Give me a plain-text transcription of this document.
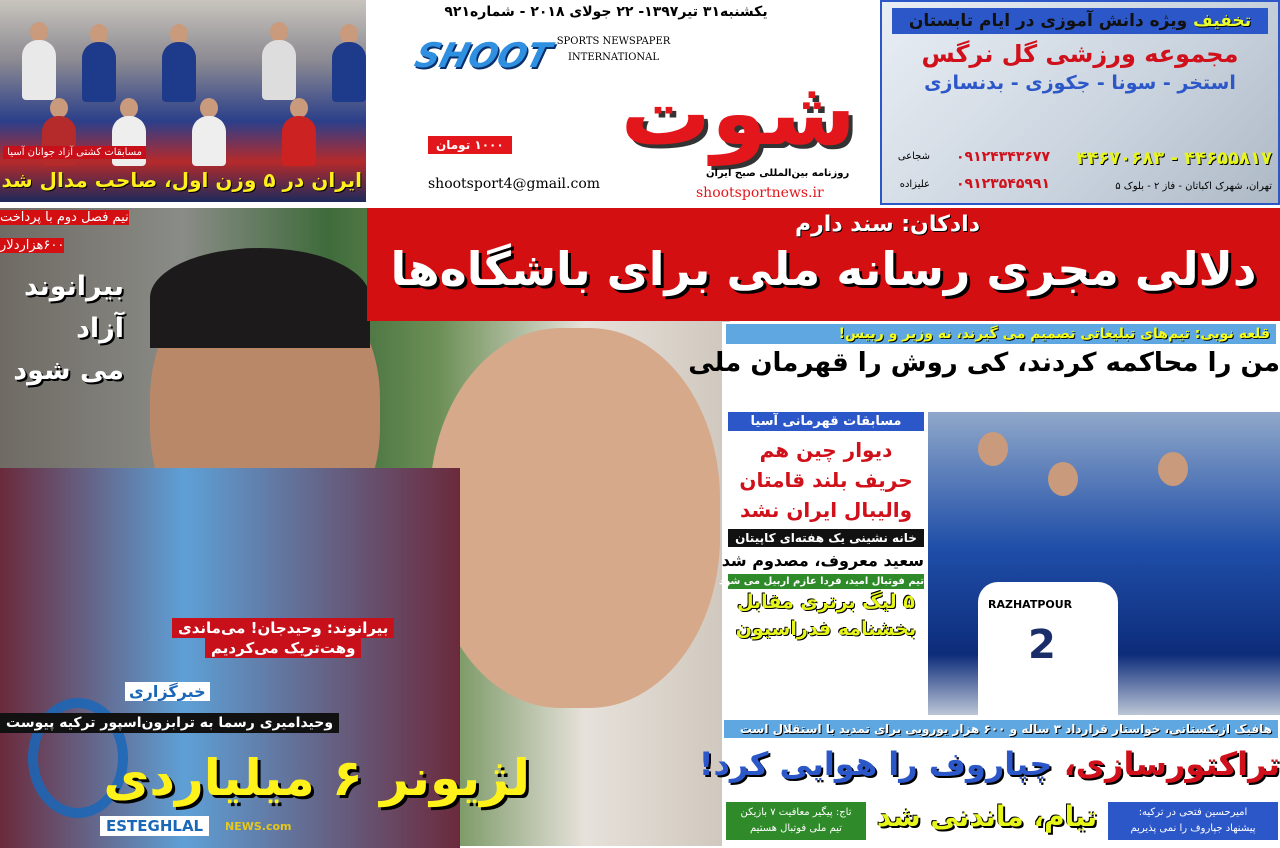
مسابقات کشتی آزاد جوانان آسیا
ایران در ۵ وزن اول، صاحب مدال شد
یکشنبه۳۱ تیر۱۳۹۷- ۲۲ جولای ۲۰۱۸ - شماره۹۲۱
SHOOT SPORTS NEWSPAPER
INTERNATIONAL
شوت
۱۰۰۰ تومان
روزنامه بین‌المللی صبح ایران
shootsport4@gmail.com
shootsportnews.ir
تخفیف ویژه دانش آموزی در ایام تابستان
مجموعه ورزشی گل نرگس
استخر - سونا - جکوزی - بدنسازی
۴۴۶۵۵۸۱۷ - ۴۴۶۷۰۶۸۳
۰۹۱۲۴۳۴۳۶۷۷
شجاعی
۰۹۱۲۳۵۴۵۹۹۱
علیزاده	تهران، شهرک اکباتان - فاز ۲ - بلوک ۵
نیم فصل دوم با پرداخت
۶۰۰هزاردلار
بیرانوند
آزاد
می شود
بیرانوند: وحیدجان! می‌ماندی
وهت‌تریک می‌کردیم
خبرگزاری
وحیدامیری رسما به ترابزون‌اسپور ترکیه پیوست
لژیونر ۶ میلیاردی
ESTEGHLAL	NEWS.com
دادکان: سند دارم
دلالی مجری رسانه ملی برای باشگاه‌ها
قلعه نویی: تیم‌های تبلیغاتی تصمیم می گیرند، نه وزیر و رییس!
من را محاکمه کردند، کی روش را قهرمان ملی
مسابقات قهرمانی آسیا
دیوار چین هم
حریف بلند قامتان
والیبال ایران نشد
خانه نشینی یک هفته‌ای کاپیتان
سعید معروف، مصدوم شد
تیم فوتبال امید، فردا عازم اربیل می شود
۵ لیگ برتری مقابل
بخشنامه فدراسیون
هافبک ازبکستانی، خواستار قرارداد ۳ ساله و ۶۰۰ هزار یورویی برای تمدید با استقلال است
تراکتورسازی، چپاروف را هوایی کرد!
امیرحسین فتحی در ترکیه:
پیشنهاد جپاروف را نمی پذیریم
تاج: پیگیر معافیت ۷ بازیکن
تیم ملی فوتبال هستیم	تیام، ماندنی شد
RAZHATPOUR
2
